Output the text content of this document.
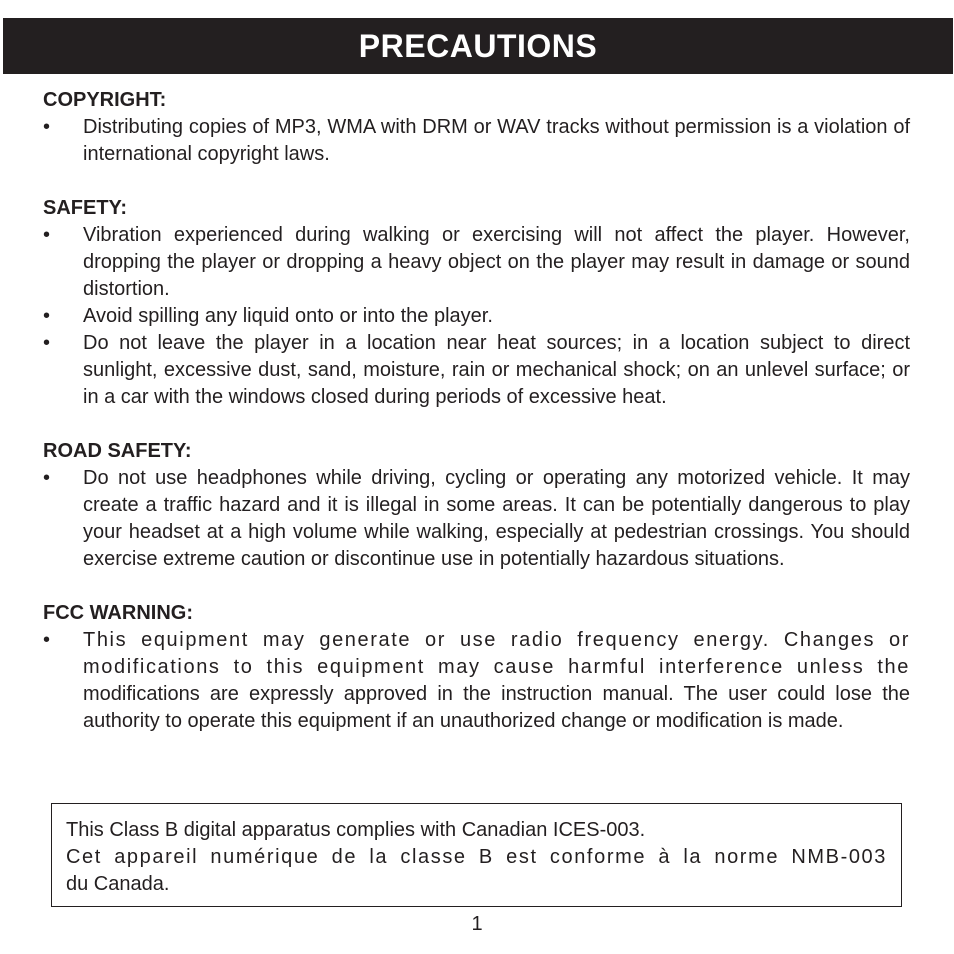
PRECAUTIONS

COPYRIGHT:

• Distributing copies of MP3, WMA with DRM or WAV tracks without permission is a violation of international copyright laws.

SAFETY:

• Vibration experienced during walking or exercising will not affect the player. However, dropping the player or dropping a heavy object on the player may result in damage or sound distortion.
• Avoid spilling any liquid onto or into the player.
• Do not leave the player in a location near heat sources; in a location subject to direct sunlight, excessive dust, sand, moisture, rain or mechanical shock; on an unlevel surface; or in a car with the windows closed during periods of excessive heat.

ROAD SAFETY:

• Do not use headphones while driving, cycling or operating any motorized vehicle. It may create a traffic hazard and it is illegal in some areas. It can be potentially dangerous to play your headset at a high volume while walking, especially at pedestrian crossings. You should exercise extreme caution or discontinue use in potentially hazardous situations.

FCC WARNING:

• This equipment may generate or use radio frequency energy. Changes or modifications to this equipment may cause harmful interference unless the modifications are expressly approved in the instruction manual. The user could lose the authority to operate this equipment if an unauthorized change or modification is made.
This Class B digital apparatus complies with Canadian ICES-003.
Cet appareil numérique de la classe B est conforme à la norme NMB-003
du Canada.
1
